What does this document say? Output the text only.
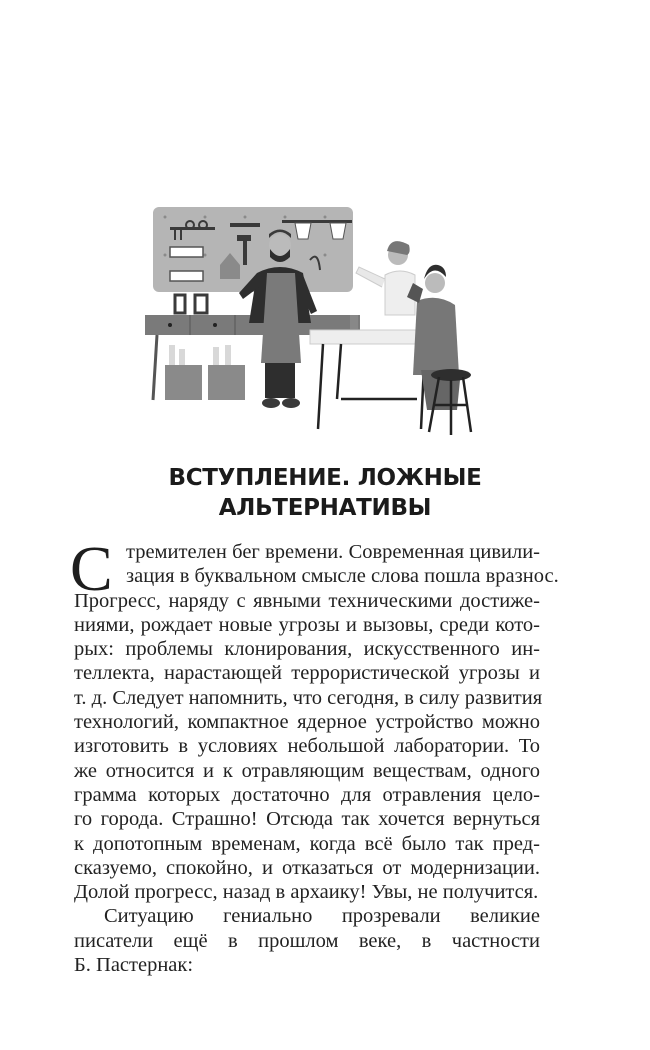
ВСТУПЛЕНИЕ. ЛОЖНЫЕ
АЛЬТЕРНАТИВЫ
С тремителен бег времени. Современная цивили-
зация в буквальном смысле слова пошла вразнос.
Прогресс, наряду с явными техническими достиже-
ниями, рождает новые угрозы и вызовы, среди кото-
рых: проблемы клонирования, искусственного ин-
теллекта, нарастающей террористической угрозы и
т. д. Следует напомнить, что сегодня, в силу развития
технологий, компактное ядерное устройство можно
изготовить в условиях небольшой лаборатории. То
же относится и к отравляющим веществам, одного
грамма которых достаточно для отравления цело-
го города. Страшно! Отсюда так хочется вернуться
к допотопным временам, когда всё было так пред-
сказуемо, спокойно, и отказаться от модернизации.
Долой прогресс, назад в архаику! Увы, не получится.
Ситуацию гениально прозревали великие
писатели ещё в прошлом веке, в частности
Б. Пастернак:
